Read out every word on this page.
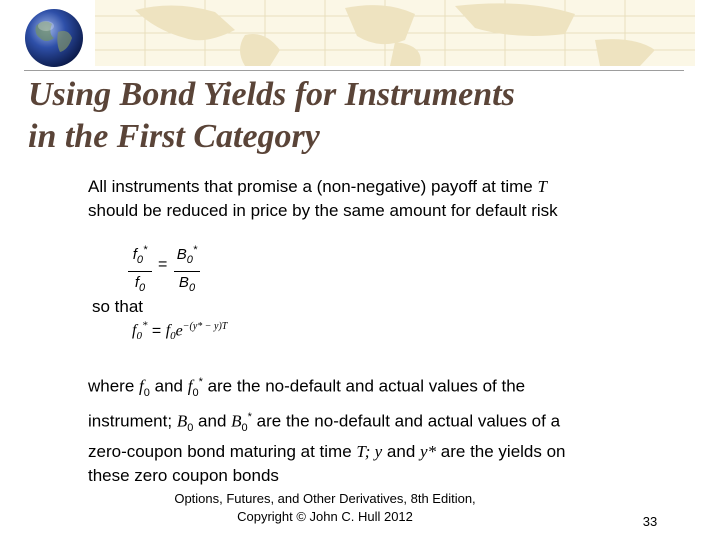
Using Bond Yields for Instruments
in the First Category
All instruments that promise a (non-negative) payoff at time T
should be reduced in price by the same amount for default risk
$f_0^*$
$f_0$
=
$B_0^*$
$B_0$
so that
$f_0^* = f_0e^{-(y* - y)T}$
where $f_0$ and $f_0^*$ are the no-default and actual values of the
instrument; $B_0$ and $B_0^*$ are the no-default and actual values of a
zero-coupon bond maturing at time T; y and y* are the yields on
these zero coupon bonds
Options, Futures, and Other Derivatives, 8th Edition,
Copyright © John C. Hull 2012	33
